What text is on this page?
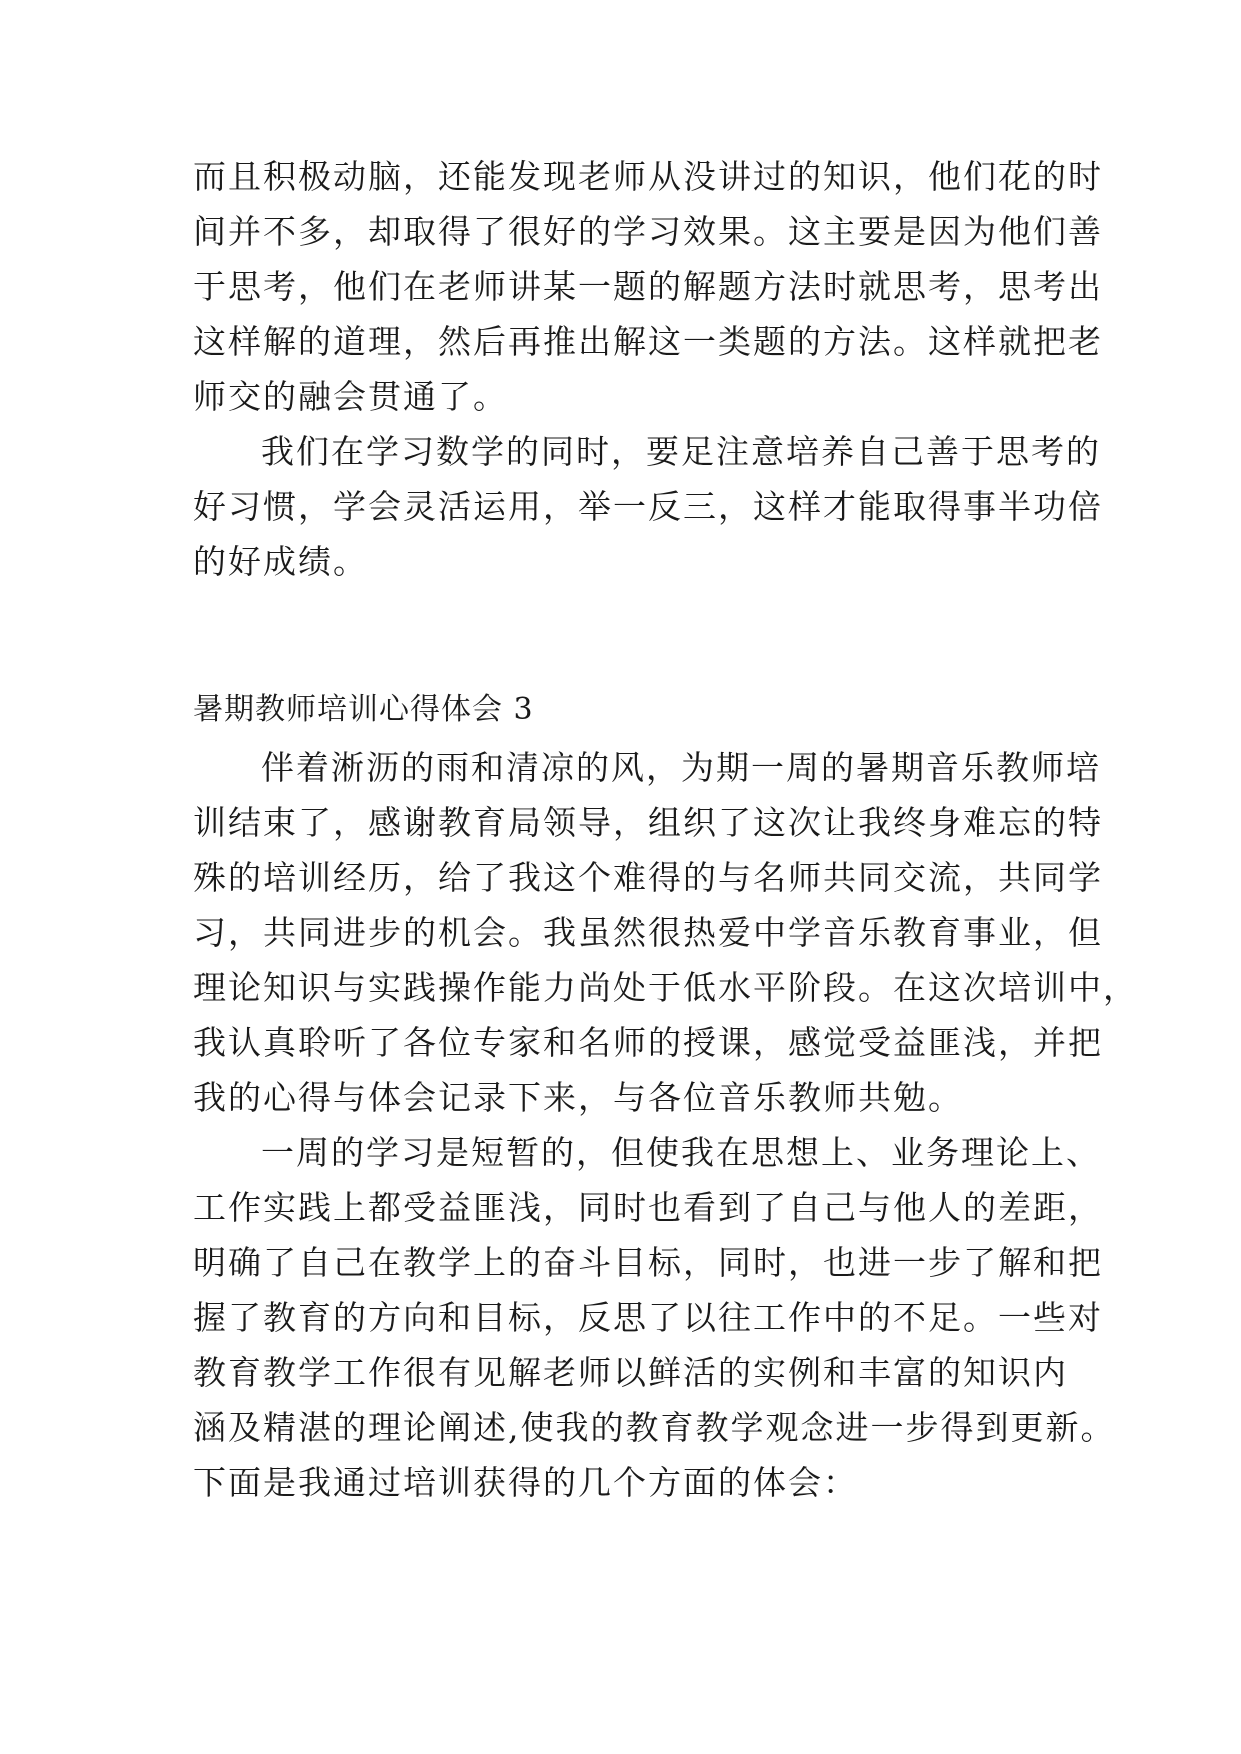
而且积极动脑，还能发现老师从没讲过的知识，他们花的时
间并不多，却取得了很好的学习效果。这主要是因为他们善
于思考，他们在老师讲某一题的解题方法时就思考，思考出
这样解的道理，然后再推出解这一类题的方法。这样就把老
师交的融会贯通了。
我们在学习数学的同时，要足注意培养自己善于思考的
好习惯，学会灵活运用，举一反三，这样才能取得事半功倍
的好成绩。
暑期教师培训心得体会 3
伴着淅沥的雨和清凉的风，为期一周的暑期音乐教师培
训结束了，感谢教育局领导，组织了这次让我终身难忘的特
殊的培训经历，给了我这个难得的与名师共同交流，共同学
习，共同进步的机会。我虽然很热爱中学音乐教育事业，但
理论知识与实践操作能力尚处于低水平阶段。在这次培训中，
我认真聆听了各位专家和名师的授课，感觉受益匪浅，并把
我的心得与体会记录下来，与各位音乐教师共勉。
一周的学习是短暂的，但使我在思想上、业务理论上、
工作实践上都受益匪浅，同时也看到了自己与他人的差距，
明确了自己在教学上的奋斗目标，同时，也进一步了解和把
握了教育的方向和目标，反思了以往工作中的不足。一些对
教育教学工作很有见解老师以鲜活的实例和丰富的知识内
涵及精湛的理论阐述,使我的教育教学观念进一步得到更新。
下面是我通过培训获得的几个方面的体会：
